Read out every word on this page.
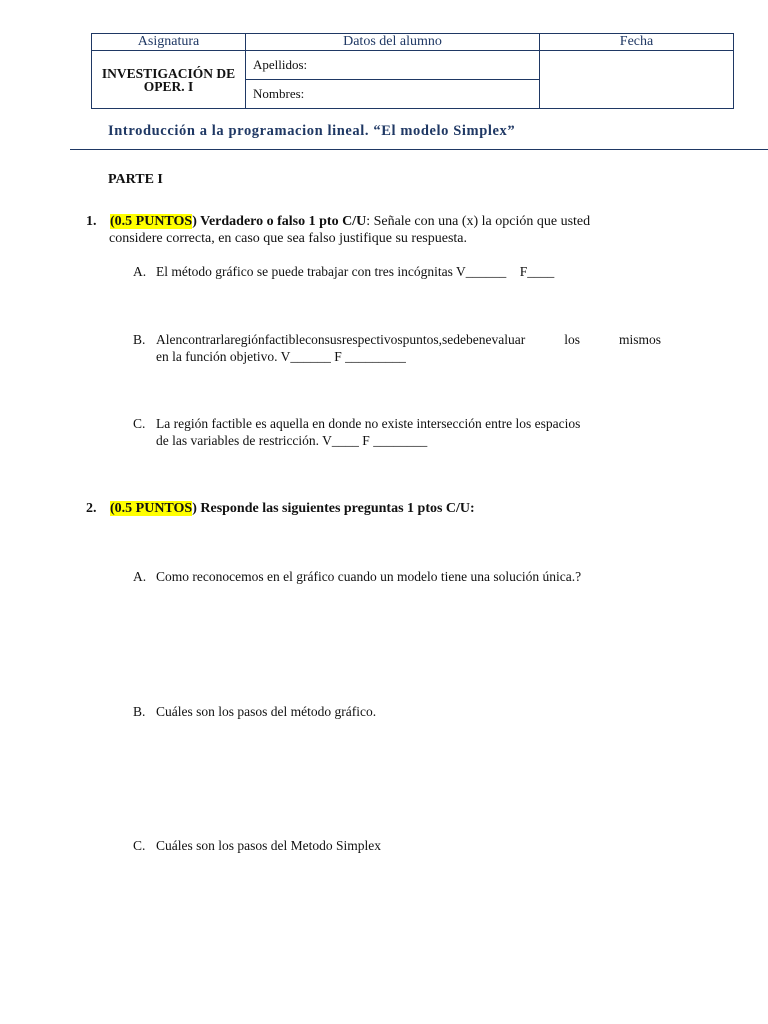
Asignatura	Datos del alumno	Fecha

INVESTIGACIÓN DE
OPER. I	Apellidos:	
	Nombres:	
Introducción a la programacion lineal. “El modelo Simplex”
PARTE I
1. (0.5 PUNTOS) Verdadero o falso 1 pto C/U: Señale con una (x) la opción que usted
considere correcta, en caso que sea falso justifique su respuesta.
A. El método gráfico se puede trabajar con tres incógnitas V______    F____
B. Alencontrarlaregiónfactibleconsusrespectivospuntos,sedebenevaluar los mismos
en la función objetivo. V______ F _________
C. La región factible es aquella en donde no existe intersección entre los espacios
de las variables de restricción. V____ F ________
2. (0.5 PUNTOS) Responde las siguientes preguntas 1 ptos C/U:
A. Como reconocemos en el gráfico cuando un modelo tiene una solución única.?
B. Cuáles son los pasos del método gráfico.
C. Cuáles son los pasos del Metodo Simplex
